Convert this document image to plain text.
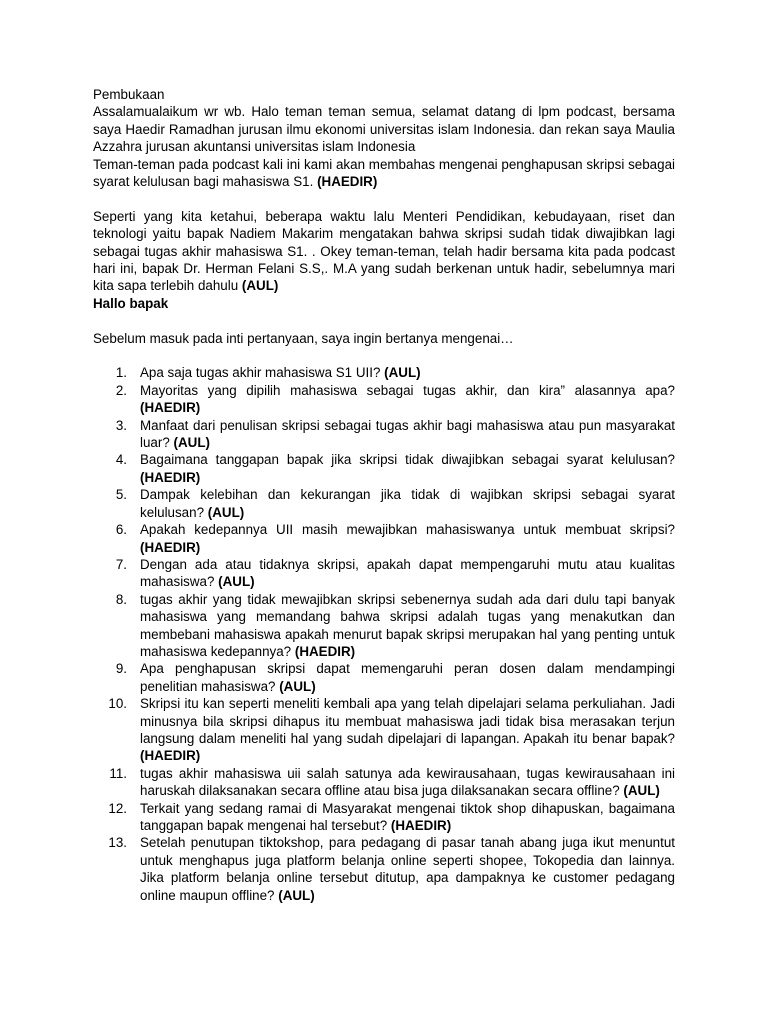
Pembukaan

Assalamualaikum wr wb. Halo teman teman semua, selamat datang di lpm podcast, bersama saya Haedir Ramadhan jurusan ilmu ekonomi universitas islam Indonesia. dan rekan saya Maulia Azzahra jurusan akuntansi universitas islam Indonesia

Teman-teman pada podcast kali ini kami akan membahas mengenai penghapusan skripsi sebagai syarat kelulusan bagi mahasiswa S1. (HAEDIR)

Seperti yang kita ketahui, beberapa waktu lalu Menteri Pendidikan, kebudayaan, riset dan teknologi yaitu bapak Nadiem Makarim mengatakan bahwa skripsi sudah tidak diwajibkan lagi sebagai tugas akhir mahasiswa S1. . Okey teman-teman, telah hadir bersama kita pada podcast hari ini, bapak Dr. Herman Felani S.S,. M.A yang sudah berkenan untuk hadir, sebelumnya mari kita sapa terlebih dahulu (AUL)

Hallo bapak

Sebelum masuk pada inti pertanyaan, saya ingin bertanya mengenai…

1. Apa saja tugas akhir mahasiswa S1 UII? (AUL)
2. Mayoritas yang dipilih mahasiswa sebagai tugas akhir, dan kira” alasannya apa? (HAEDIR)
3. Manfaat dari penulisan skripsi sebagai tugas akhir bagi mahasiswa atau pun masyarakat luar? (AUL)
4. Bagaimana tanggapan bapak jika skripsi tidak diwajibkan sebagai syarat kelulusan? (HAEDIR)
5. Dampak kelebihan dan kekurangan jika tidak di wajibkan skripsi sebagai syarat kelulusan? (AUL)
6. Apakah kedepannya UII masih mewajibkan mahasiswanya untuk membuat skripsi? (HAEDIR)
7. Dengan ada atau tidaknya skripsi, apakah dapat mempengaruhi mutu atau kualitas mahasiswa? (AUL)
8. tugas akhir yang tidak mewajibkan skripsi sebenernya sudah ada dari dulu tapi banyak mahasiswa yang memandang bahwa skripsi adalah tugas yang menakutkan dan membebani mahasiswa apakah menurut bapak skripsi merupakan hal yang penting untuk mahasiswa kedepannya? (HAEDIR)
9. Apa penghapusan skripsi dapat memengaruhi peran dosen dalam mendampingi penelitian mahasiswa? (AUL)
10. Skripsi itu kan seperti meneliti kembali apa yang telah dipelajari selama perkuliahan. Jadi minusnya bila skripsi dihapus itu membuat mahasiswa jadi tidak bisa merasakan terjun langsung dalam meneliti hal yang sudah dipelajari di lapangan. Apakah itu benar bapak? (HAEDIR)
11. tugas akhir mahasiswa uii salah satunya ada kewirausahaan, tugas kewirausahaan ini haruskah dilaksanakan secara offline atau bisa juga dilaksanakan secara offline? (AUL)
12. Terkait yang sedang ramai di Masyarakat mengenai tiktok shop dihapuskan, bagaimana tanggapan bapak mengenai hal tersebut? (HAEDIR)
13. Setelah penutupan tiktokshop, para pedagang di pasar tanah abang juga ikut menuntut untuk menghapus juga platform belanja online seperti shopee, Tokopedia dan lainnya. Jika platform belanja online tersebut ditutup, apa dampaknya ke customer pedagang online maupun offline? (AUL)
